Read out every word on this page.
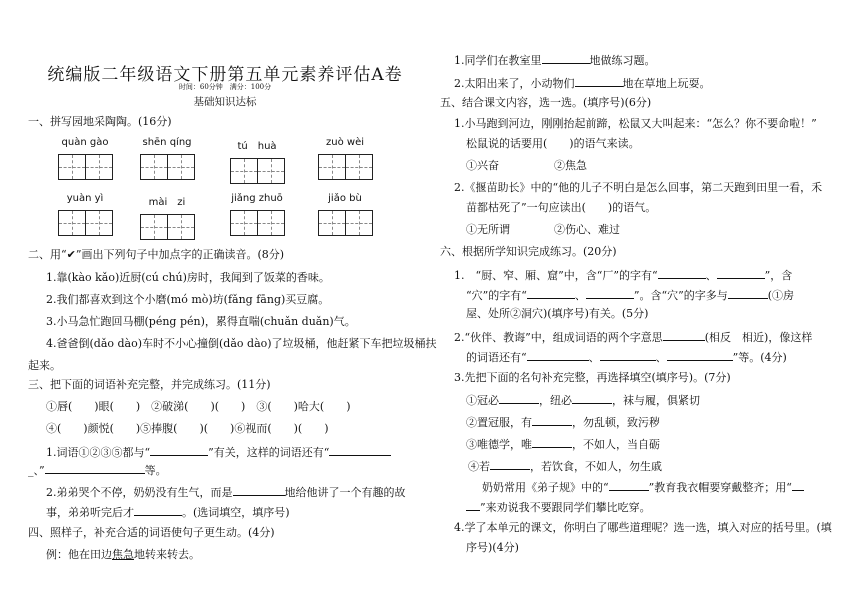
统编版二年级语文下册第五单元素养评估A卷
时间：60分钟　满分：100分
基础知识达标
一、拼写园地采陶陶。(16分)
quàn gào	shēn qíng	tú　huà	zuò wèi
yuàn yì	mài　zi	jiǎng zhuō	jiǎo bù
二、用“✔”画出下列句子中加点字的正确读音。(8分)
1.靠(kào kǎo)近厨(cú chú)房时，我闻到了饭菜的香味。
2.我们都喜欢到这个小磨(mó mò)坊(fǎng fāng)买豆腐。
3.小马急忙跑回马棚(péng pén)，累得直喘(chuǎn duǎn)气。
4.爸爸倒(dǎo dào)车时不小心撞倒(dǎo dào)了垃圾桶，他赶紧下车把垃圾桶扶
起来。
三、把下面的词语补充完整，并完成练习。(11分)
①唇(　　)眼(　　)　②破涕(　　)(　　)　③(　　)哈大(　　)
④(　　)颜悦(　　)⑤捧腹(　　)(　　)⑥视而(　　)(　　)
1.词语①②③⑤都与“	”有关，这样的词语还有“
_、”	等。
2.弟弟哭个不停，奶奶没有生气，而是	地给他讲了一个有趣的故
事，弟弟听完后才	。(选词填空，填序号)
四、照样子，补充合适的词语使句子更生动。(4分)
例：他在田边焦急地转来转去。
1.同学们在教室里	地做练习题。
2.太阳出来了，小动物们	地在草地上玩耍。
五、结合课文内容，选一选。(填序号)(6分)
1.小马跑到河边，刚刚抬起前蹄，松鼠又大叫起来：“怎么？你不要命啦！”
松鼠说的话要用(　　)的语气来读。
①兴奋　　　　　②焦急
2.《揠苗助长》中的“他的儿子不明白是怎么回事，第二天跑到田里一看，禾
苗都枯死了”一句应读出(　　)的语气。
①无所谓　　　　②伤心、难过
六、根据所学知识完成练习。(20分)
1.　“厨、窄、厢、窟”中，含“厂”的字有“	、	”，含
“穴”的字有“	、	”。含“穴”的字多与	(①房
屋、处所②洞穴)(填序号)有关。(5分)
2.“伙伴、教诲”中，组成词语的两个字意思	(相反　相近)，像这样
的词语还有“	、	、	”等。(4分)
3.先把下面的名句补充完整，再选择填空(填序号)。(7分)
①冠必	，纽必	，袜与履，俱紧切
②置冠服，有	，勿乱顿，致污秽
③唯德学，唯	，不如人，当自砺
④若	，若饮食，不如人，勿生戚
奶奶常用《弟子规》中的“	”教育我衣帽要穿戴整齐；用“
”来劝说我不要跟同学们攀比吃穿。
4.学了本单元的课文，你明白了哪些道理呢？选一选，填入对应的括号里。(填
序号)(4分)
